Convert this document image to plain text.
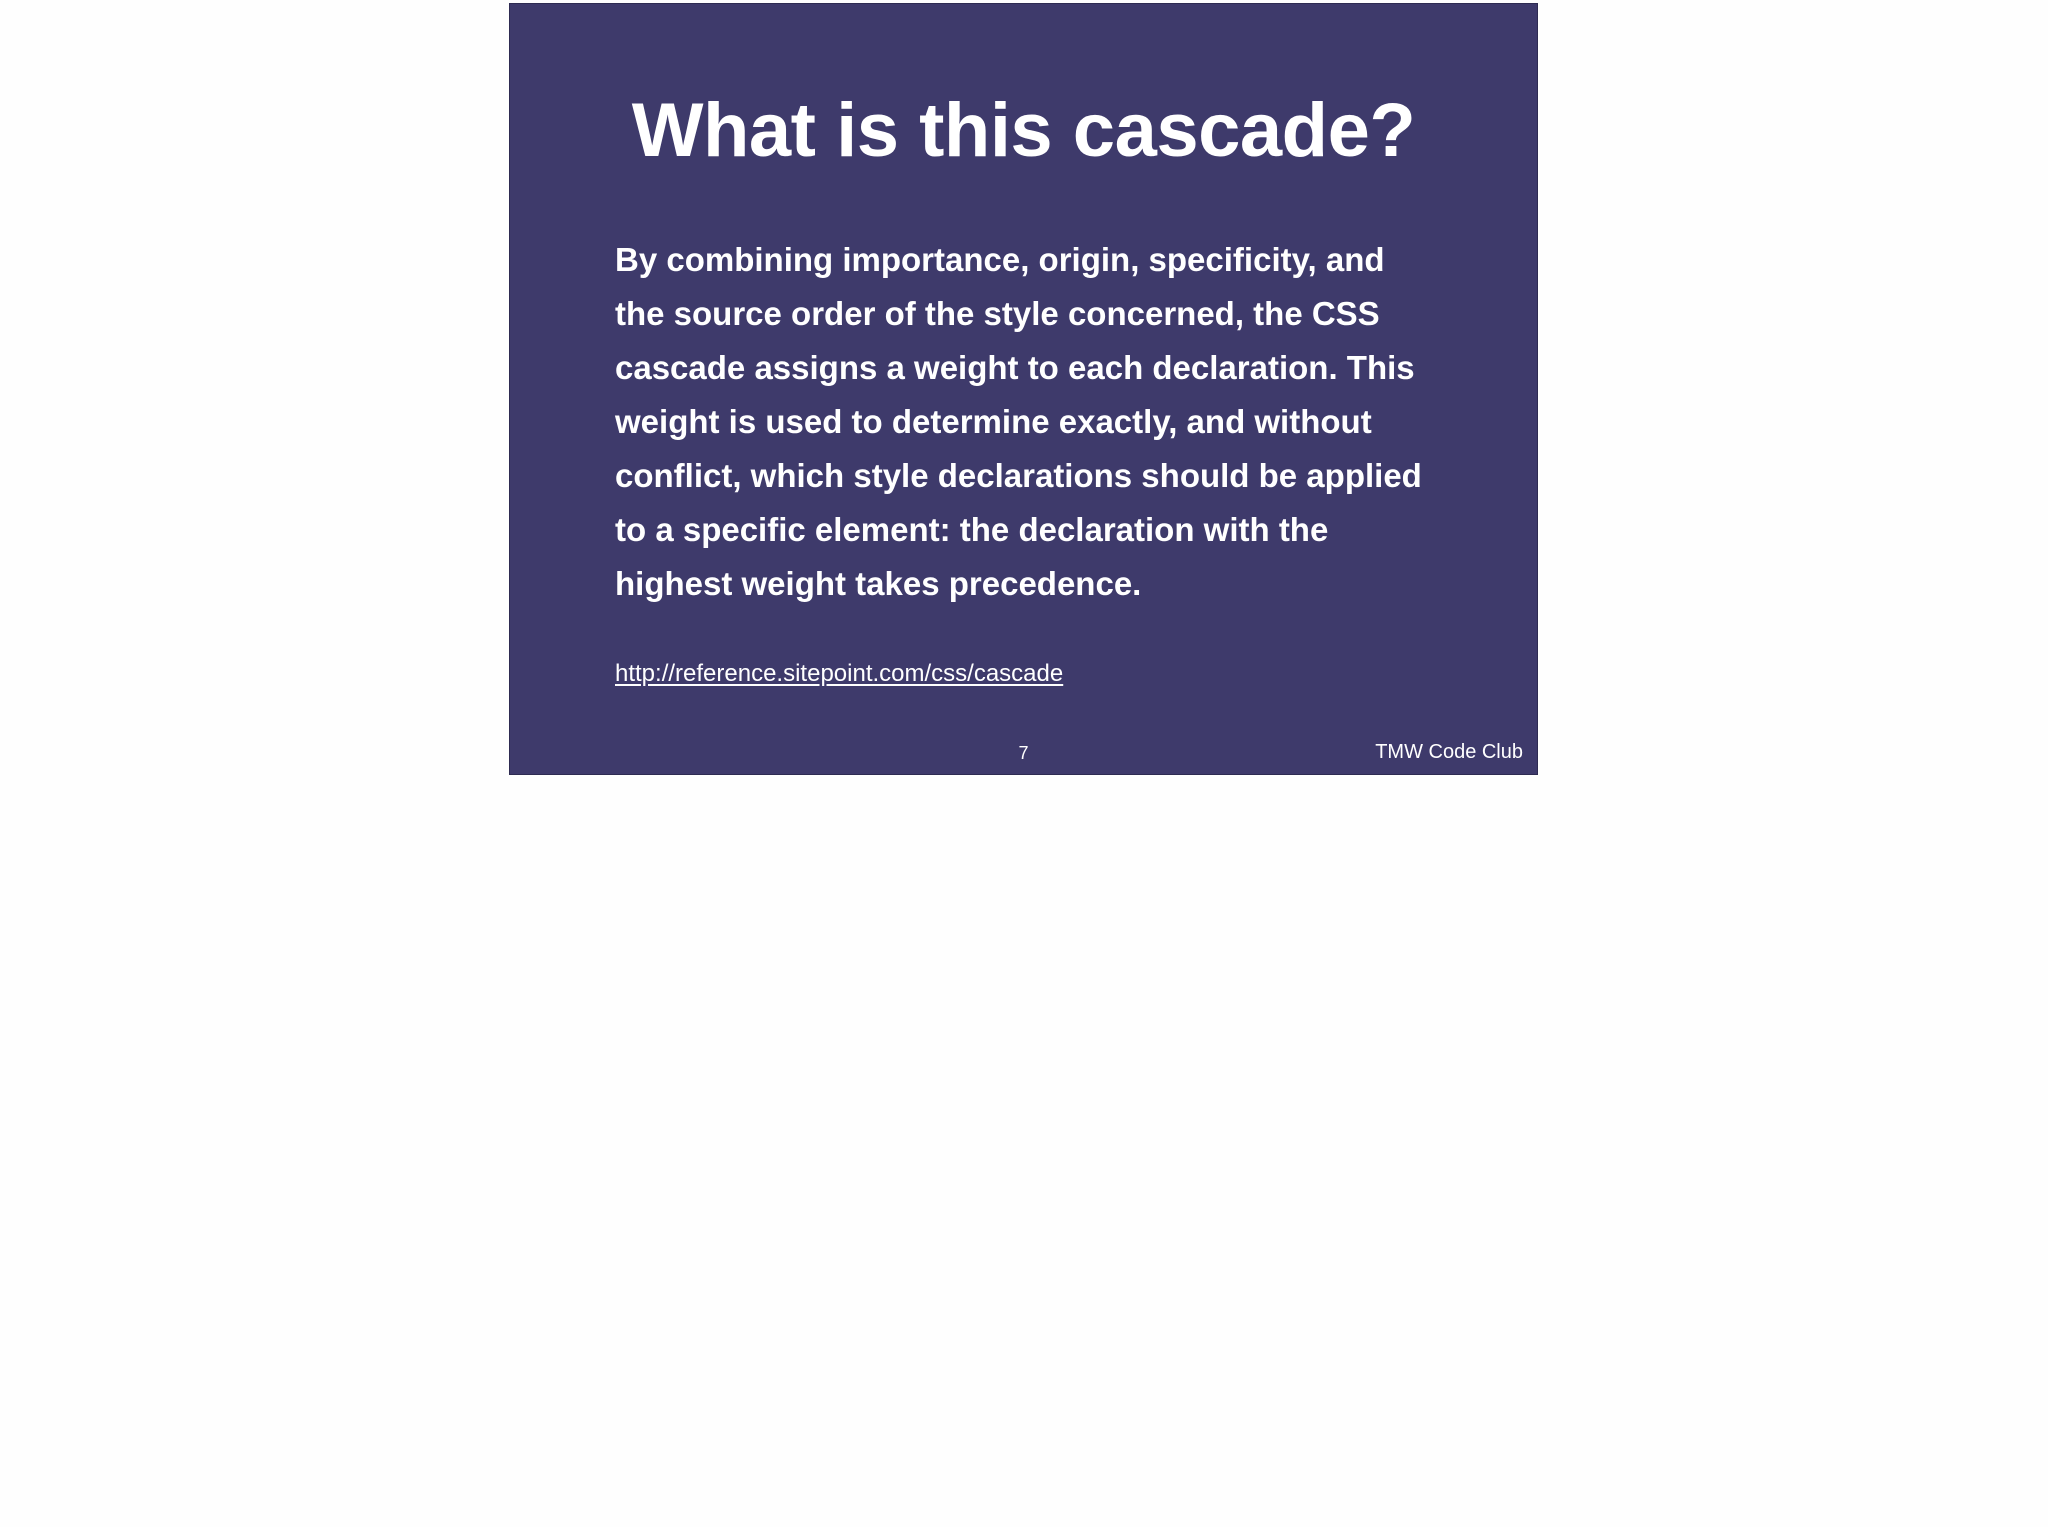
What is this cascade?
By combining importance, origin, specificity, and
the source order of the style concerned, the CSS
cascade assigns a weight to each declaration. This
weight is used to determine exactly, and without
conflict, which style declarations should be applied
to a specific element: the declaration with the
highest weight takes precedence.
http://reference.sitepoint.com/css/cascade
7	TMW Code Club
